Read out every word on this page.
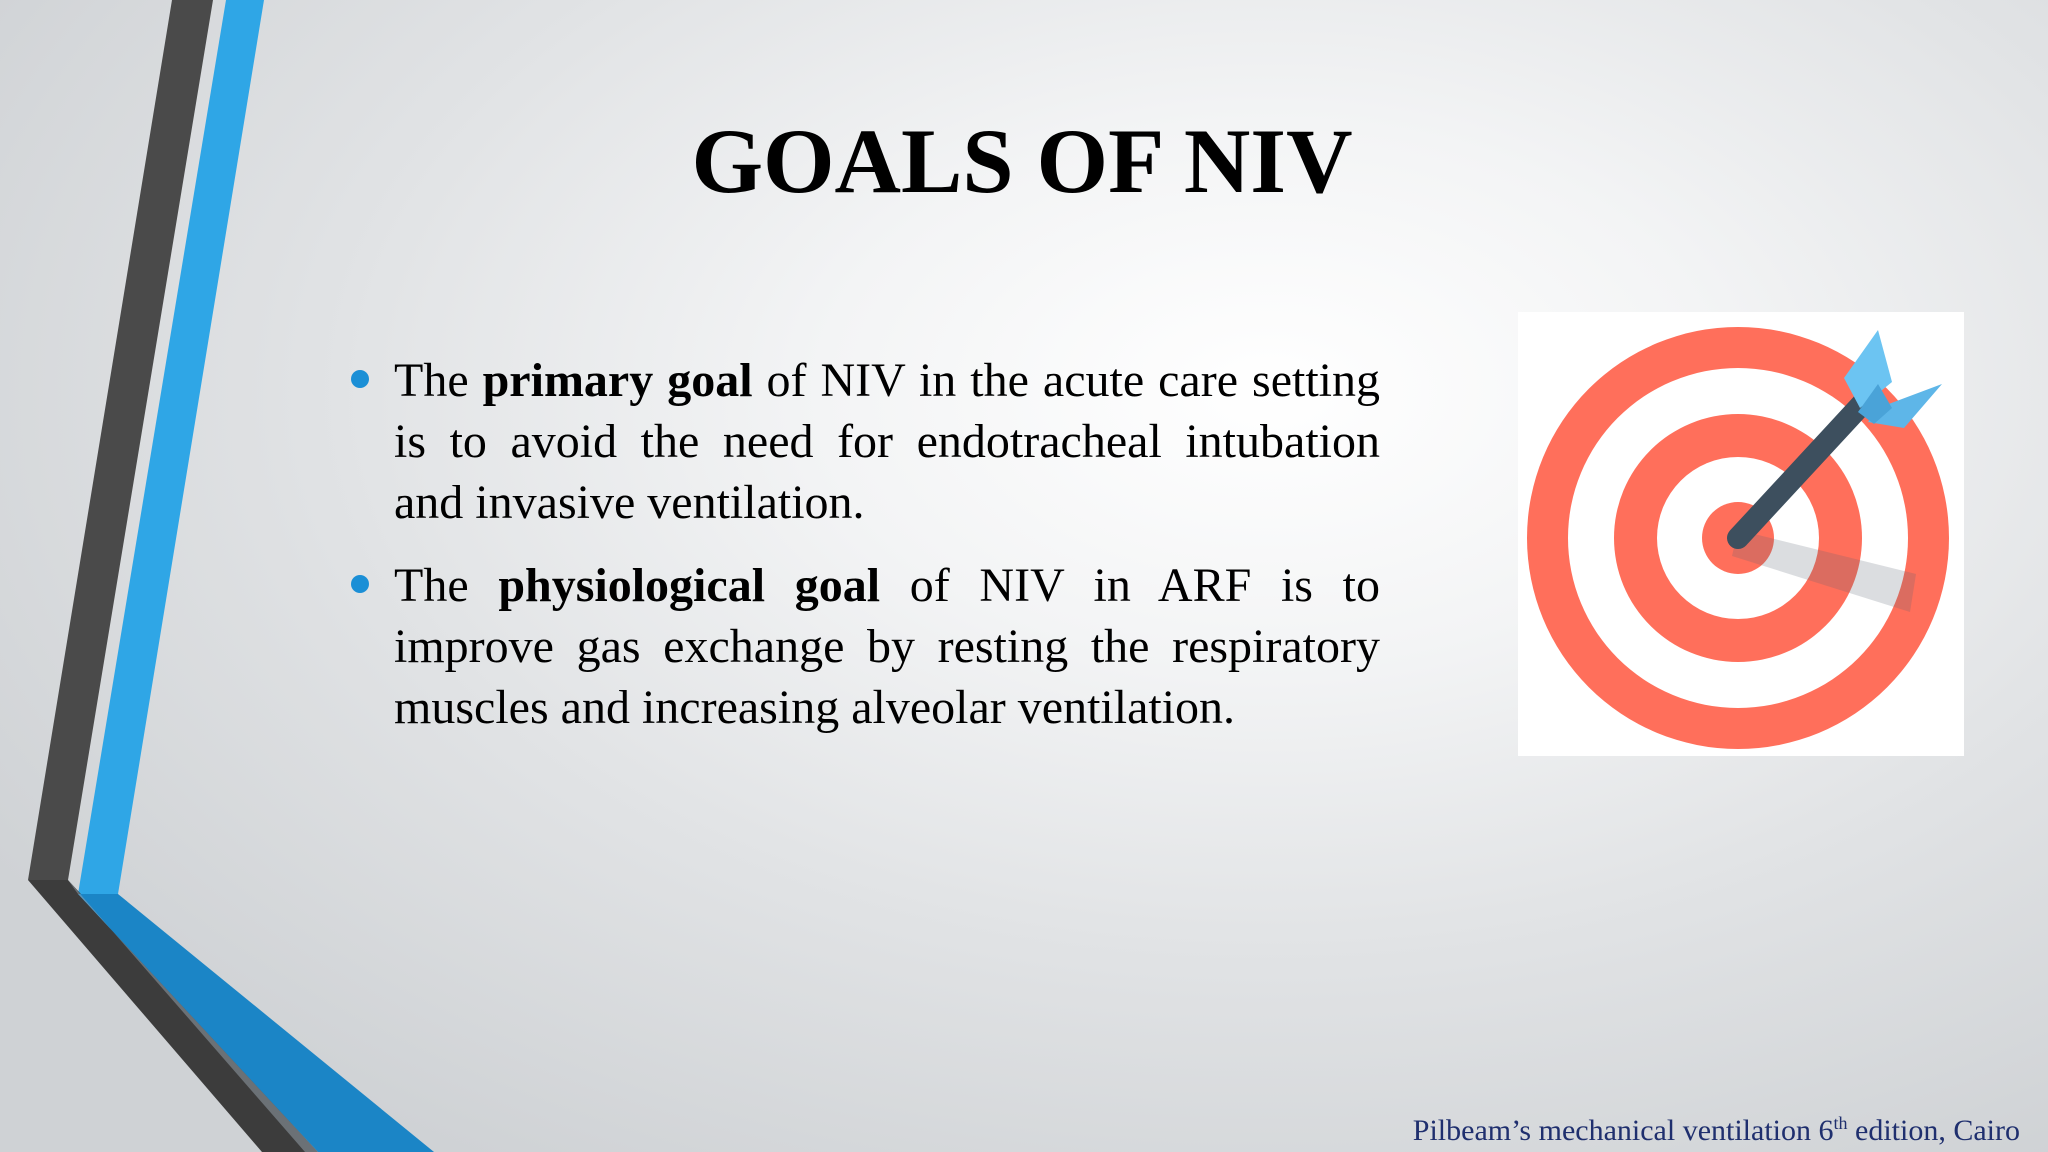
GOALS OF NIV
The primary goal of NIV in the acute care setting is to avoid the need for endotracheal intubation and invasive ventilation.
The physiological goal of NIV in ARF is to improve gas exchange by resting the respiratory muscles and increasing alveolar ventilation.
Pilbeam’s mechanical ventilation 6th edition, Cairo
